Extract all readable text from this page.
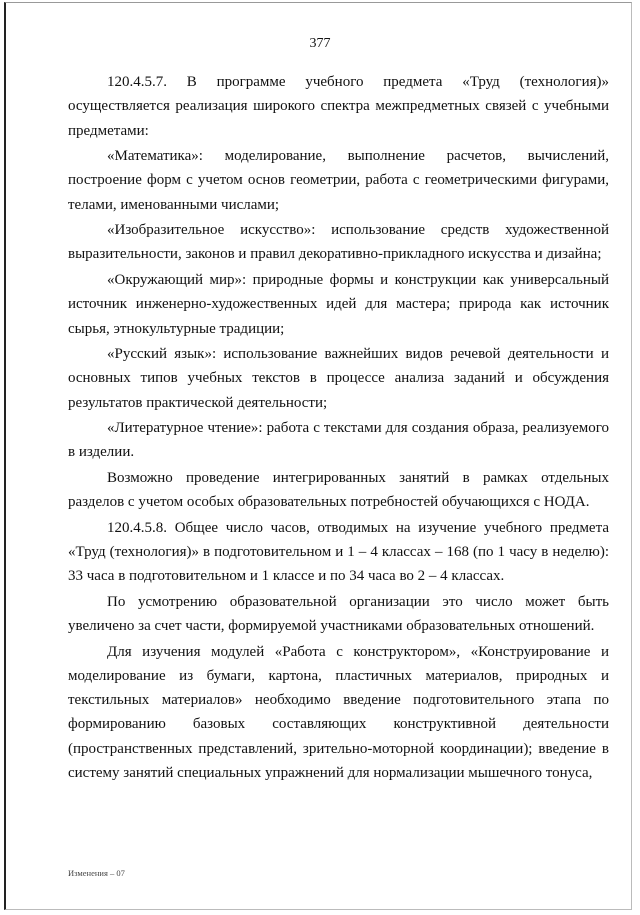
377

120.4.5.7. В программе учебного предмета «Труд (технология)» осуществляется реализация широкого спектра межпредметных связей с учебными предметами:

«Математика»: моделирование, выполнение расчетов, вычислений, построение форм с учетом основ геометрии, работа с геометрическими фигурами, телами, именованными числами;

«Изобразительное искусство»: использование средств художественной выразительности, законов и правил декоративно-прикладного искусства и дизайна;

«Окружающий мир»: природные формы и конструкции как универсальный источник инженерно-художественных идей для мастера; природа как источник сырья, этнокультурные традиции;

«Русский язык»: использование важнейших видов речевой деятельности и основных типов учебных текстов в процессе анализа заданий и обсуждения результатов практической деятельности;

«Литературное чтение»: работа с текстами для создания образа, реализуемого в изделии.

Возможно проведение интегрированных занятий в рамках отдельных разделов с учетом особых образовательных потребностей обучающихся с НОДА.

120.4.5.8. Общее число часов, отводимых на изучение учебного предмета «Труд (технология)» в подготовительном и 1 – 4 классах – 168 (по 1 часу в неделю): 33 часа в подготовительном и 1 классе и по 34 часа во 2 – 4 классах.

По усмотрению образовательной организации это число может быть увеличено за счет части, формируемой участниками образовательных отношений.

Для изучения модулей «Работа с конструктором», «Конструирование и моделирование из бумаги, картона, пластичных материалов, природных и текстильных материалов» необходимо введение подготовительного этапа по формированию базовых составляющих конструктивной деятельности (пространственных представлений, зрительно-моторной координации); введение в систему занятий специальных упражнений для нормализации мышечного тонуса,

Изменения – 07
